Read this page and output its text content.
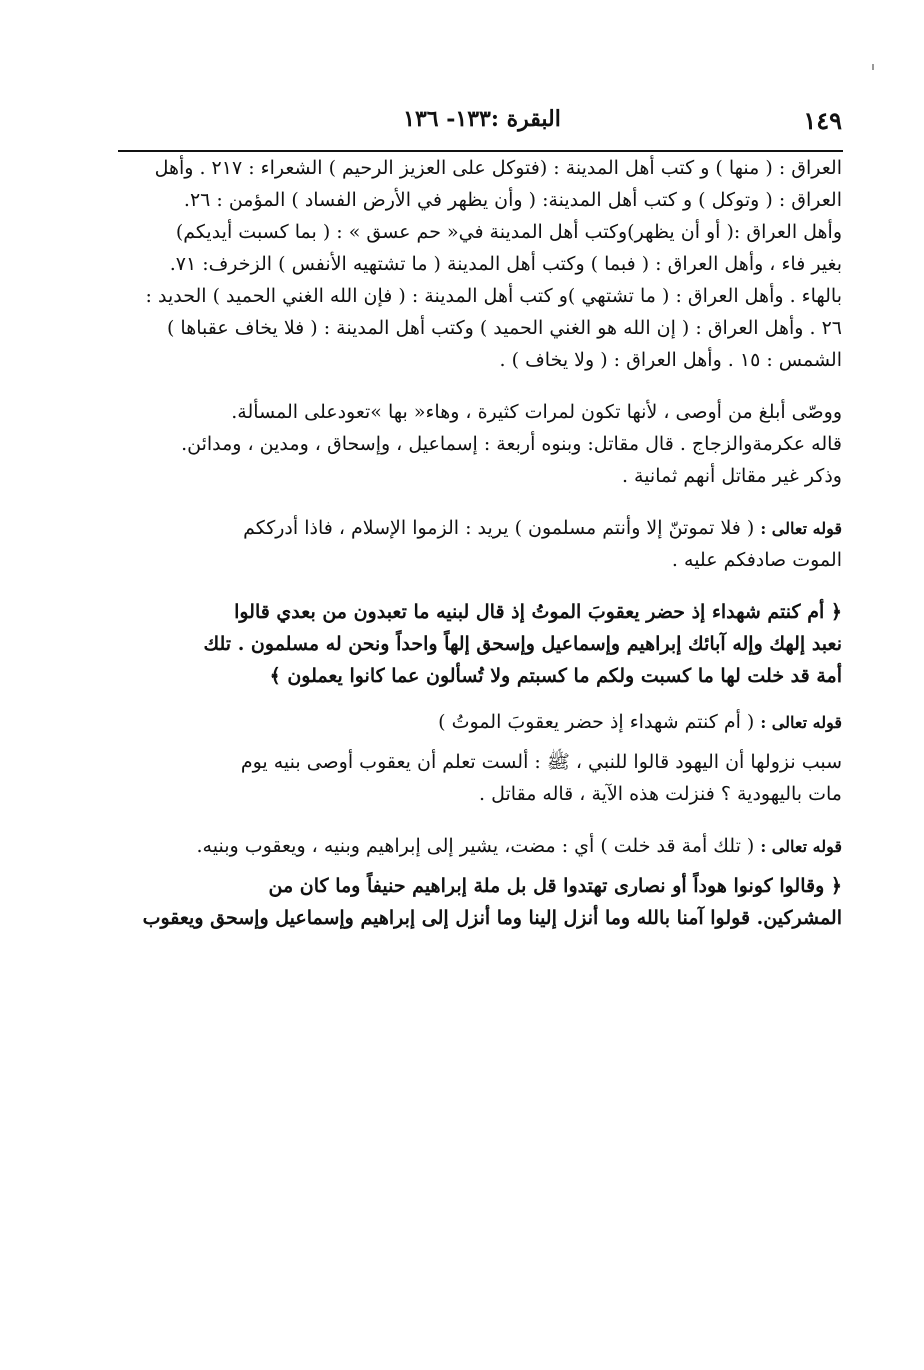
١٤٩
البقرة :١٣٣- ١٣٦

العراق : ( منها ) و كتب أهل المدينة : (فتوكل على العزيز الرحيم ) الشعراء : ٢١٧ . وأهل

العراق : ( وتوكل ) و كتب أهل المدينة: ( وأن يظهر في الأرض الفساد ) المؤمن : ٢٦.

وأهل العراق :( أو أن يظهر)وكتب أهل المدينة في« حم عسق » : ( بما كسبت أيديكم)

بغير فاء ، وأهل العراق : ( فبما ) وكتب أهل المدينة ( ما تشتهيه الأنفس ) الزخرف: ٧١.

بالهاء . وأهل العراق : ( ما تشتهي )و كتب أهل المدينة : ( فإن الله الغني الحميد ) الحديد :

٢٦ . وأهل العراق : ( إن الله هو الغني الحميد ) وكتب أهل المدينة : ( فلا يخاف عقباها )

الشمس : ١٥ . وأهل العراق : ( ولا يخاف ) .

ووصّى أبلغ من أوصى ، لأنها تكون لمرات كثيرة ، وهاء« بها »تعودعلى المسألة.

قاله عكرمةوالزجاج . قال مقاتل: وبنوه أربعة : إسماعيل ، وإسحاق ، ومدين ، ومدائن.

وذكر غير مقاتل أنهم ثمانية .

قوله تعالى :( فلا تموتنّ إلا وأنتم مسلمون ) يريد : الزموا الإسلام ، فاذا أدرككم

الموت صادفكم عليه .

﴿ أم كنتم شهداء إذ حضر يعقوبَ الموتُ إذ قال لبنيه ما تعبدون من بعدي قالوا

نعبد إلهك وإله آبائك إبراهيم وإسماعيل وإسحق إلهاً واحداً ونحن له مسلمون . تلك

أمة قد خلت لها ما كسبت ولكم ما كسبتم ولا تُسألون عما كانوا يعملون ﴾

قوله تعالى :( أم كنتم شهداء إذ حضر يعقوبَ الموتُ )

سبب نزولها أن اليهود قالوا للنبي ، ﷺ : ألست تعلم أن يعقوب أوصى بنيه يوم

مات باليهودية ؟ فنزلت هذه الآية ، قاله مقاتل .

قوله تعالى :( تلك أمة قد خلت ) أي : مضت، يشير إلى إبراهيم وبنيه ، ويعقوب وبنيه.

﴿ وقالوا كونوا هوداً أو نصارى تهتدوا قل بل ملة إبراهيم حنيفاً وما كان من

المشركين. قولوا آمنا بالله وما أنزل إلينا وما أنزل إلى إبراهيم وإسماعيل وإسحق ويعقوب
